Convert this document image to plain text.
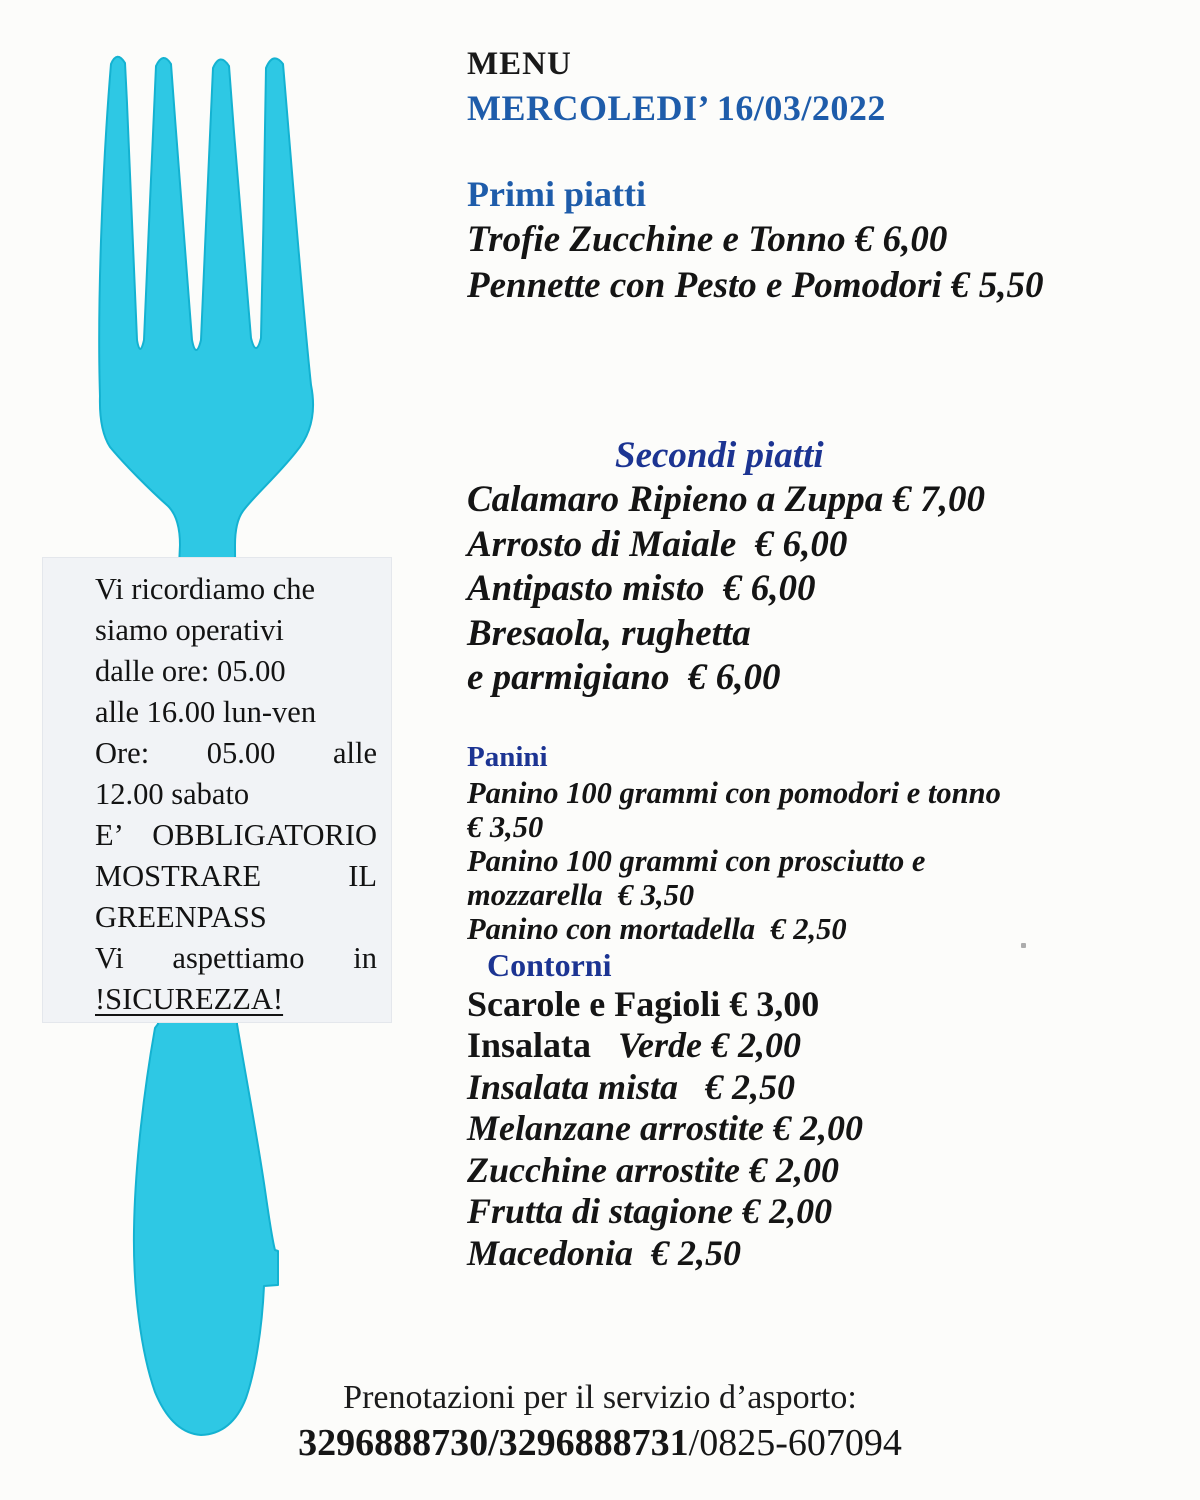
Vi ricordiamo che
siamo operativi
dalle ore: 05.00
alle 16.00 lun-ven
Ore: 05.00 alle
12.00 sabato
E’ OBBLIGATORIO
MOSTRARE IL
GREENPASS
Vi aspettiamo in
!SICUREZZA!
MENU
MERCOLEDI’ 16/03/2022
Primi piatti
Trofie Zucchine e Tonno € 6,00
Pennette con Pesto e Pomodori € 5,50
Secondi piatti
Calamaro Ripieno a Zuppa € 7,00
Arrosto di Maiale  € 6,00
Antipasto misto  € 6,00
Bresaola, rughetta
e parmigiano  € 6,00
Panini
Panino 100 grammi con pomodori e tonno
€ 3,50
Panino 100 grammi con prosciutto e
mozzarella  € 3,50
Panino con mortadella  € 2,50
Contorni
Scarole e Fagioli € 3,00
Insalata   Verde € 2,00
Insalata mista   € 2,50
Melanzane arrostite € 2,00
Zucchine arrostite € 2,00
Frutta di stagione € 2,00
Macedonia  € 2,50
Prenotazioni per il servizio d’asporto:
3296888730/3296888731/0825-607094
